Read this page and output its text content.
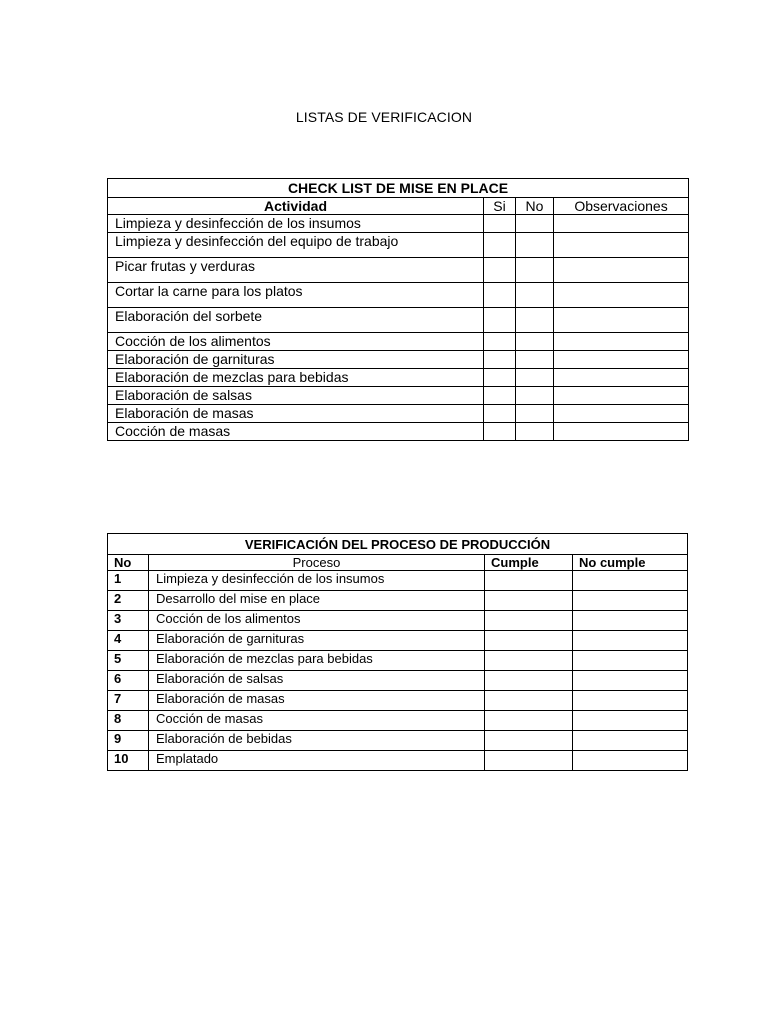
LISTAS DE VERIFICACION
CHECK LIST DE MISE EN PLACE			
Actividad	Si	No	Observaciones
Limpieza y desinfección de los insumos			
Limpieza y desinfección del equipo de trabajo			
Picar frutas y verduras			
Cortar la carne para los platos			
Elaboración del sorbete			
Cocción de los alimentos			
Elaboración de garnituras			
Elaboración de mezclas para bebidas			
Elaboración de salsas			
Elaboración de masas			
Cocción de masas			
VERIFICACIÓN DEL PROCESO DE PRODUCCIÓN			
No	Proceso	Cumple	No cumple
1	Limpieza y desinfección de los insumos		
2	Desarrollo del mise en place		
3	Cocción de los alimentos		
4	Elaboración de garnituras		
5	Elaboración de mezclas para bebidas		
6	Elaboración de salsas		
7	Elaboración de masas		
8	Cocción de masas		
9	Elaboración de bebidas		
10	Emplatado		
